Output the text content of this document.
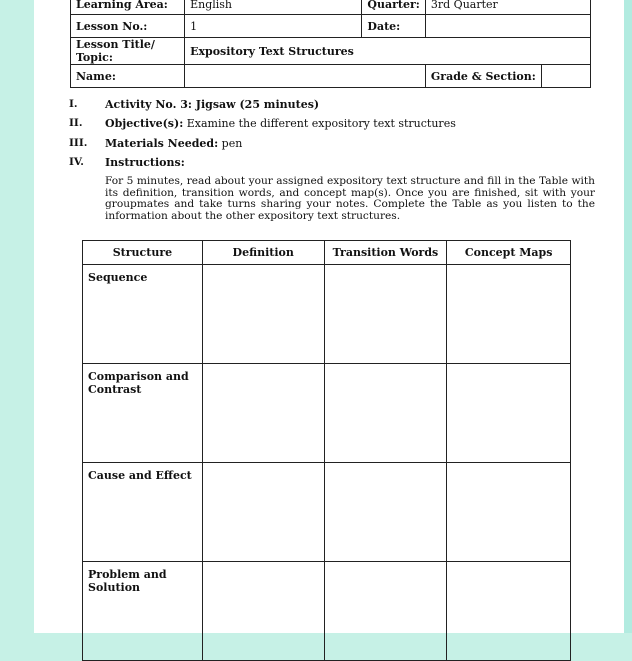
Learning Area:	English	Quarter:	3rd Quarter	
Lesson No.:	1	Date:		
Lesson Title/ Topic:	Expository Text Structures			
Name:			Grade & Section:	
I. Activity No. 3: Jigsaw (25 minutes)
II. Objective(s): Examine the different expository text structures
III. Materials Needed: pen
IV. Instructions:
For 5 minutes, read about your assigned expository text structure and fill in the Table with its definition, transition words, and concept map(s). Once you are finished, sit with your groupmates and take turns sharing your notes. Complete the Table as you listen to the information about the other expository text structures.
Structure	Definition	Transition Words	Concept Maps
Sequence			
Comparison and Contrast			
Cause and Effect			
Problem and Solution			
